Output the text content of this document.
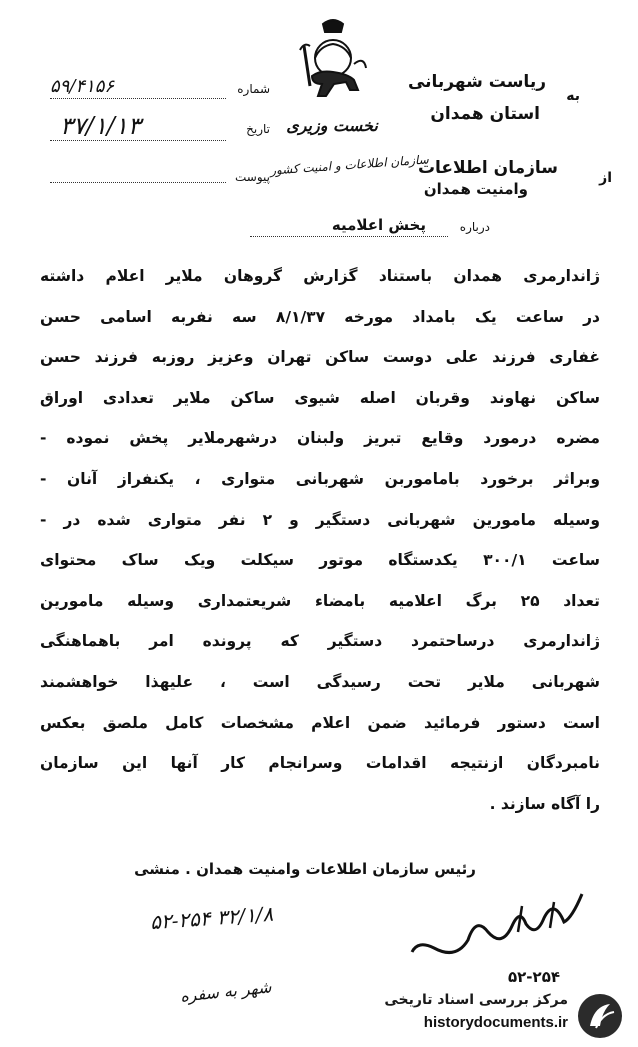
به
ریاست شهربانی
استان همدان
نخست وزیری
شماره
۵۹/۴۱۵۶
تاریخ
۳۷/۱/۱۳
پیوست	از
سازمان اطلاعات
وامنیت همدان
سازمان اطلاعات و امنیت کشور
درباره
پخش اعلامیه
ژاندارمری همدان باستناد گزارش گروهان ملایر اعلام داشته
در ساعت یک بامداد مورخه ۸/۱/۳۷ سه نفربه اسامی حسن
غفاری فرزند علی دوست ساکن تهران وعزیز روزبه فرزند حسن
ساکن نهاوند وقربان اصله شیوی ساکن ملایر تعدادی اوراق
مضره درمورد وقایع تبریز ولبنان درشهرملایر پخش نموده -
وبراثر برخورد باماموربن شهربانی متواری ، یکنفراز آنان -
وسیله مامورین شهربانی دستگیر و ۲ نفر متواری شده در -
ساعت ۳۰۰/۱ یکدستگاه موتور سیکلت ویک ساک محتوای
تعداد ۲۵ برگ اعلامیه بامضاء شریعتمداری وسیله مامورین
ژاندارمری درساحتمرد دستگیر که پرونده امر باهماهنگی
شهربانی ملایر تحت رسیدگی است ، علیهذا خواهشمند
است دستور فرمائید ضمن اعلام مشخصات کامل ملصق بعکس
نامبردگان ازنتیجه اقدامات وسرانجام کار آنها این سازمان
را آگاه سازند .
رئیس سازمان اطلاعات وامنیت همدان . منشی
۳۲/۱/۸ ۵۲-۲۵۴
شهر به سفره
۵۲-۲۵۴
مرکز بررسی اسناد تاریخی
historydocuments.ir
